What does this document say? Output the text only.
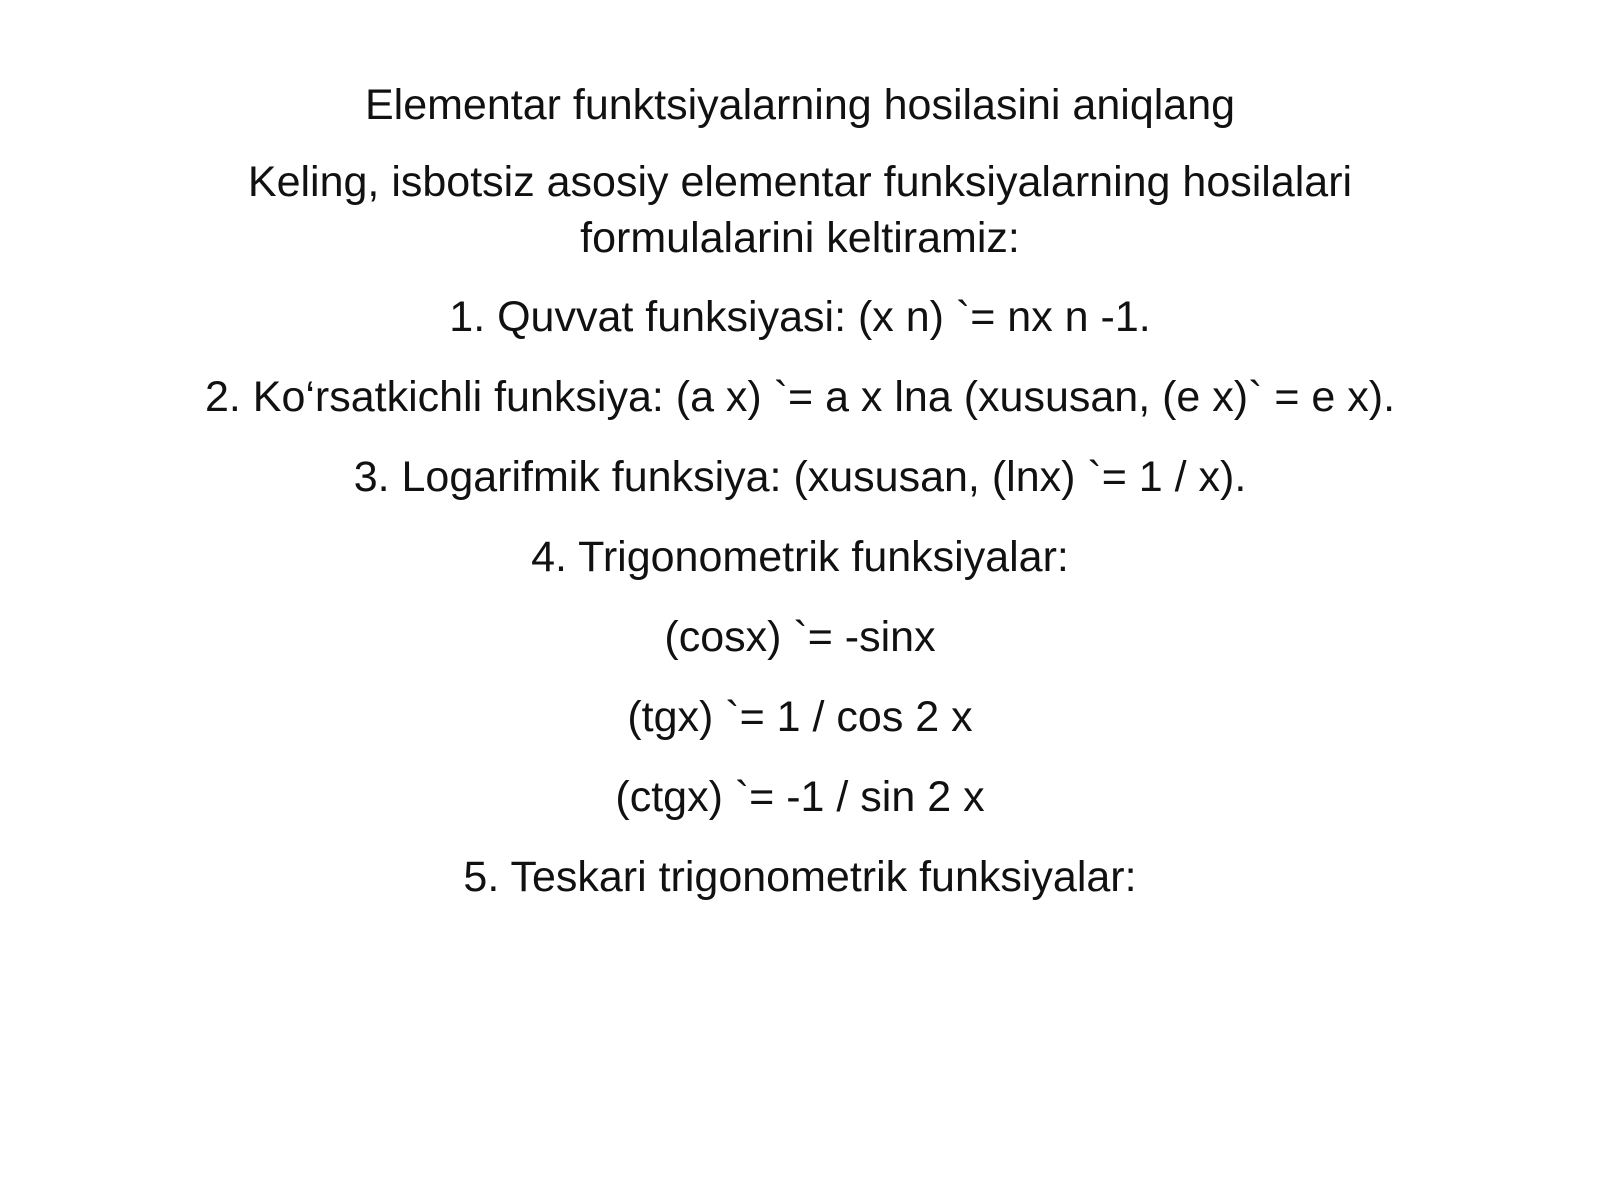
Elementar funktsiyalarning hosilasini aniqlang
Keling, isbotsiz asosiy elementar funksiyalarning hosilalari formulalarini keltiramiz:
1. Quvvat funksiyasi: (x n) `= nx n -1.
2. Ko‘rsatkichli funksiya: (a x) `= a x lna (xususan, (e x)` = e x).
3. Logarifmik funksiya: (xususan, (lnx) `= 1 / x).
4. Trigonometrik funksiyalar:
(cosx) `= -sinx
(tgx) `= 1 / cos 2 x
(ctgx) `= -1 / sin 2 x
5. Teskari trigonometrik funksiyalar:
